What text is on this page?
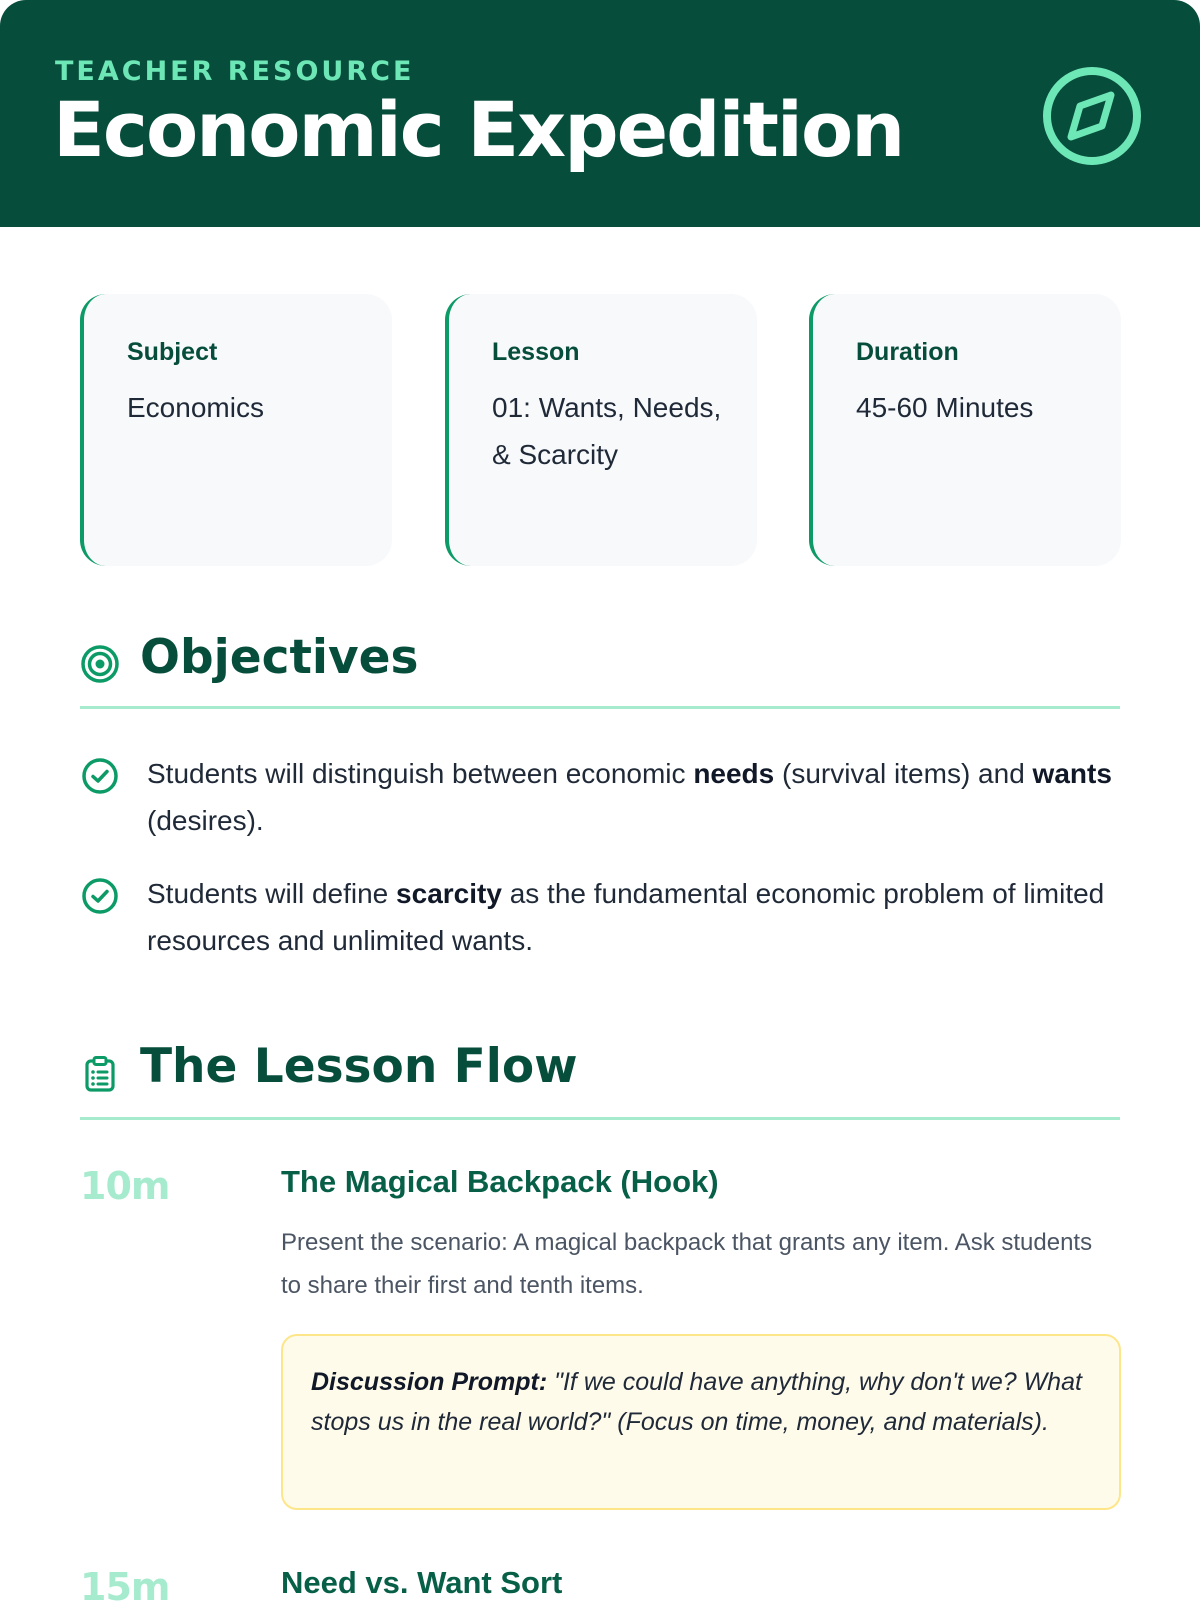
TEACHER RESOURCE
Economic Expedition
Subject
Economics
Lesson
01: Wants, Needs, & Scarcity
Duration
45-60 Minutes
Objectives
Students will distinguish between economic needs (survival items) and wants (desires).
Students will define scarcity as the fundamental economic problem of limited resources and unlimited wants.
The Lesson Flow
10m	The Magical Backpack (Hook)
Present the scenario: A magical backpack that grants any item. Ask students to share their first and tenth items.
Discussion Prompt: "If we could have anything, why don't we? What stops us in the real world?" (Focus on time, money, and materials).
15m	Need vs. Want Sort
